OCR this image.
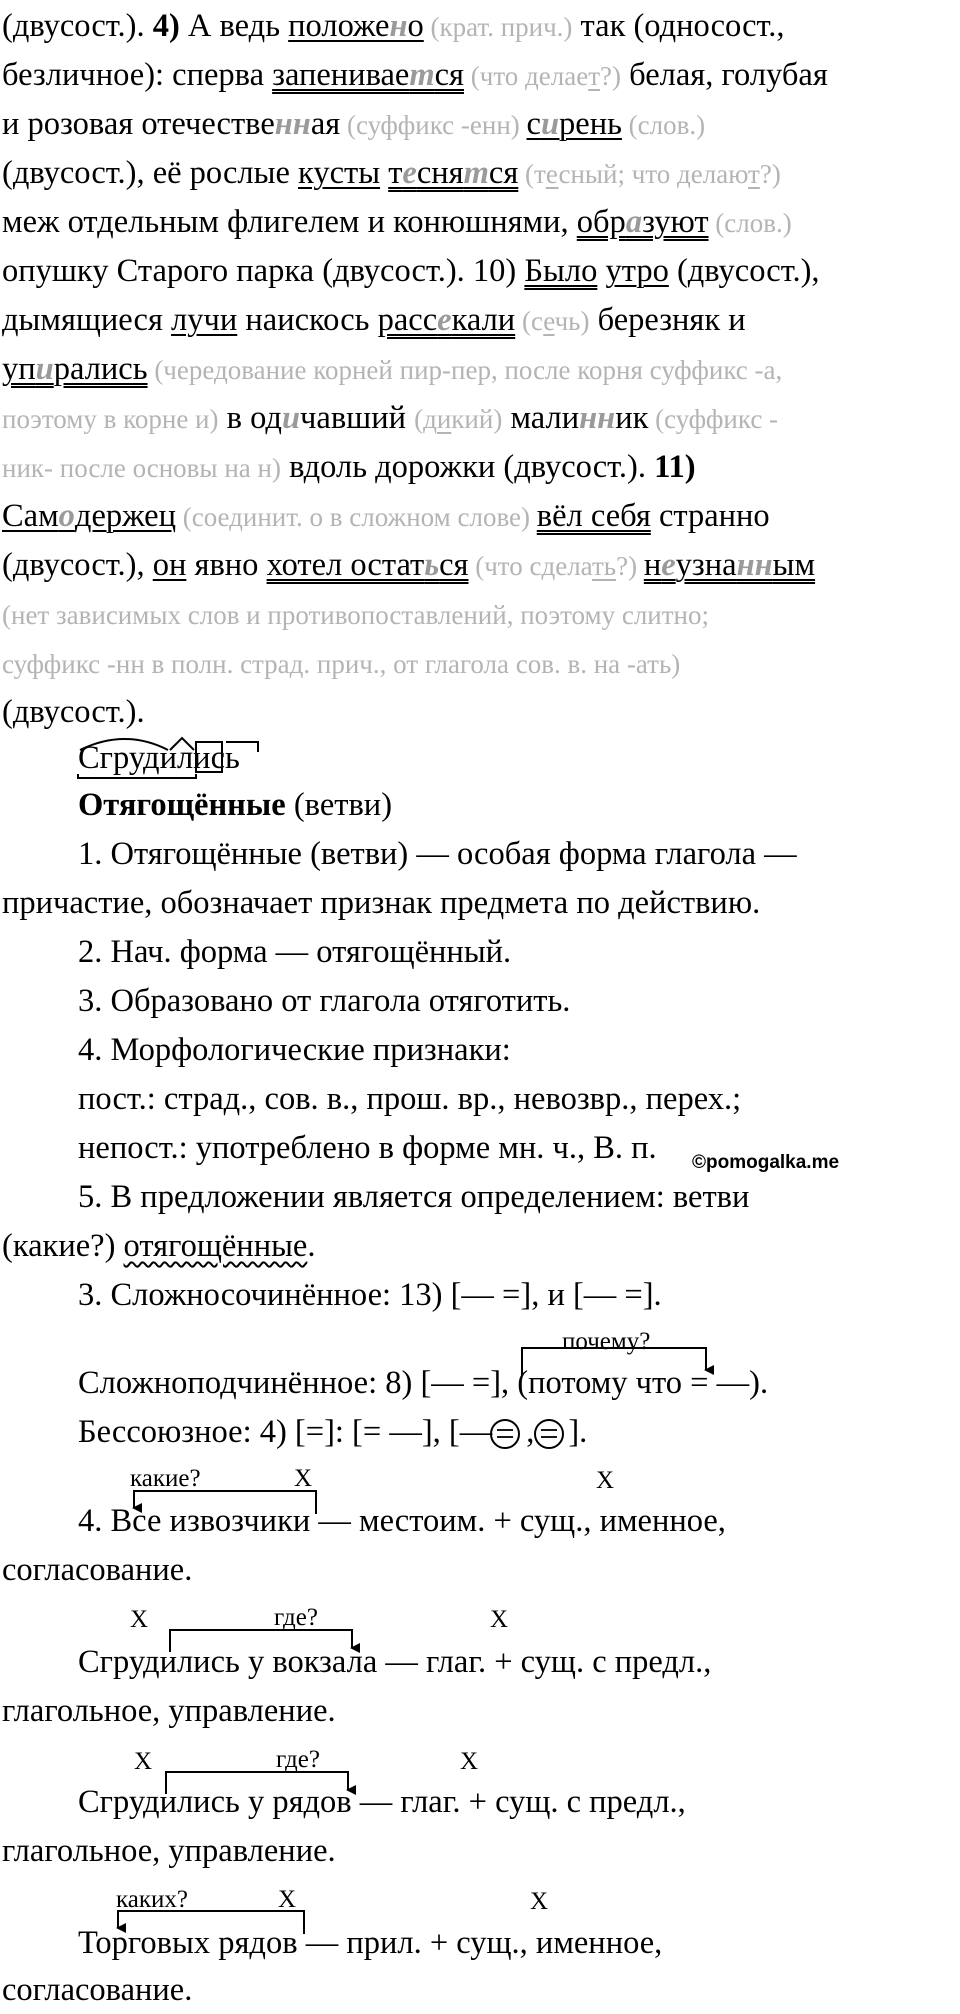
(двусост.). 4) А ведь положено (крат. прич.) так (односост.,
безличное): сперва запенивается (что делает?) белая, голубая
и розовая отечественная (суффикс -енн) сирень (слов.)
(двусост.), её рослые кусты теснятся (тесный; что делают?)
меж отдельным флигелем и конюшнями, образуют (слов.)
опушку Старого парка (двусост.). 10) Было утро (двусост.),
дымящиеся лучи наискось рассекали (сечь) березняк и
упирались (чередование корней пир-пер, после корня суффикс -а,
поэтому в корне и) в одичавший (дикий) малинник (суффикс -
ник- после основы на н) вдоль дорожки (двусост.). 11)
Самодержец (соединит. о в сложном слове) вёл себя странно
(двусост.), он явно хотел остаться (что сделать?) неузнанным
(нет зависимых слов и противопоставлений, поэтому слитно;
суффикс -нн в полн. страд. прич., от глагола сов. в. на -ать)
(двусост.).
Сгрудились
Отягощённые (ветви)
1. Отягощённые (ветви) — особая форма глагола —
причастие, обозначает признак предмета по действию.
2. Нач. форма — отягощённый.
3. Образовано от глагола отяготить.
4. Морфологические признаки:
пост.: страд., сов. в., прош. вр., невозвр., перех.;
непост.: употреблено в форме мн. ч., В. п. ©pomogalka.me
5. В предложении является определением: ветви
(какие?) отягощённые.
3. Сложносочинённое: 13) [— =], и [— =].
почему?
Сложноподчинённое: 8) [— =], (потому что = —).
Бессоюзное: 4) [=]: [= —], [— , ].
какие?	X	X
4. Все извозчики — местоим. + сущ., именное,
согласование.
X	где?	X
Сгрудились у вокзала — глаг. + сущ. с предл.,
глагольное, управление.
X	где?	X
Сгрудились у рядов — глаг. + сущ. с предл.,
глагольное, управление.
каких?	X	X
Торговых рядов — прил. + сущ., именное,
согласование.
